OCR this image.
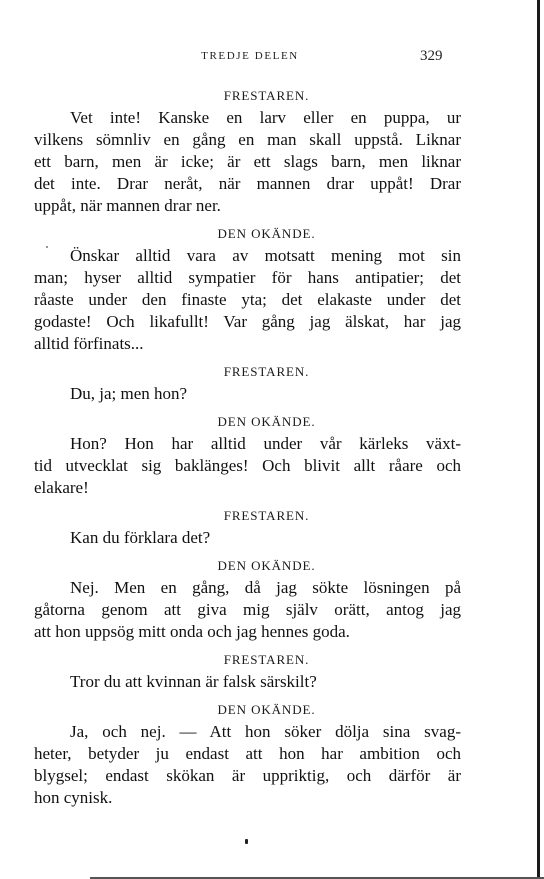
TREDJE DELEN	329
FRESTAREN.
Vet inte! Kanske en larv eller en puppa, ur
vilkens sömnliv en gång en man skall uppstå. Liknar
ett barn, men är icke; är ett slags barn, men liknar
det inte. Drar neråt, när mannen drar uppåt! Drar
uppåt, när mannen drar ner.
DEN OKÄNDE.
Önskar alltid vara av motsatt mening mot sin
man; hyser alltid sympatier för hans antipatier; det
råaste under den finaste yta; det elakaste under det
godaste! Och likafullt! Var gång jag älskat, har jag
alltid förfinats...
FRESTAREN.
Du, ja; men hon?
DEN OKÄNDE.
Hon? Hon har alltid under vår kärleks växt-
tid utvecklat sig baklänges! Och blivit allt råare och
elakare!
FRESTAREN.
Kan du förklara det?
DEN OKÄNDE.
Nej. Men en gång, då jag sökte lösningen på
gåtorna genom att giva mig själv orätt, antog jag
att hon uppsög mitt onda och jag hennes goda.
FRESTAREN.
Tror du att kvinnan är falsk särskilt?
DEN OKÄNDE.
Ja, och nej. — Att hon söker dölja sina svag-
heter, betyder ju endast att hon har ambition och
blygsel; endast skökan är uppriktig, och därför är
hon cynisk.
